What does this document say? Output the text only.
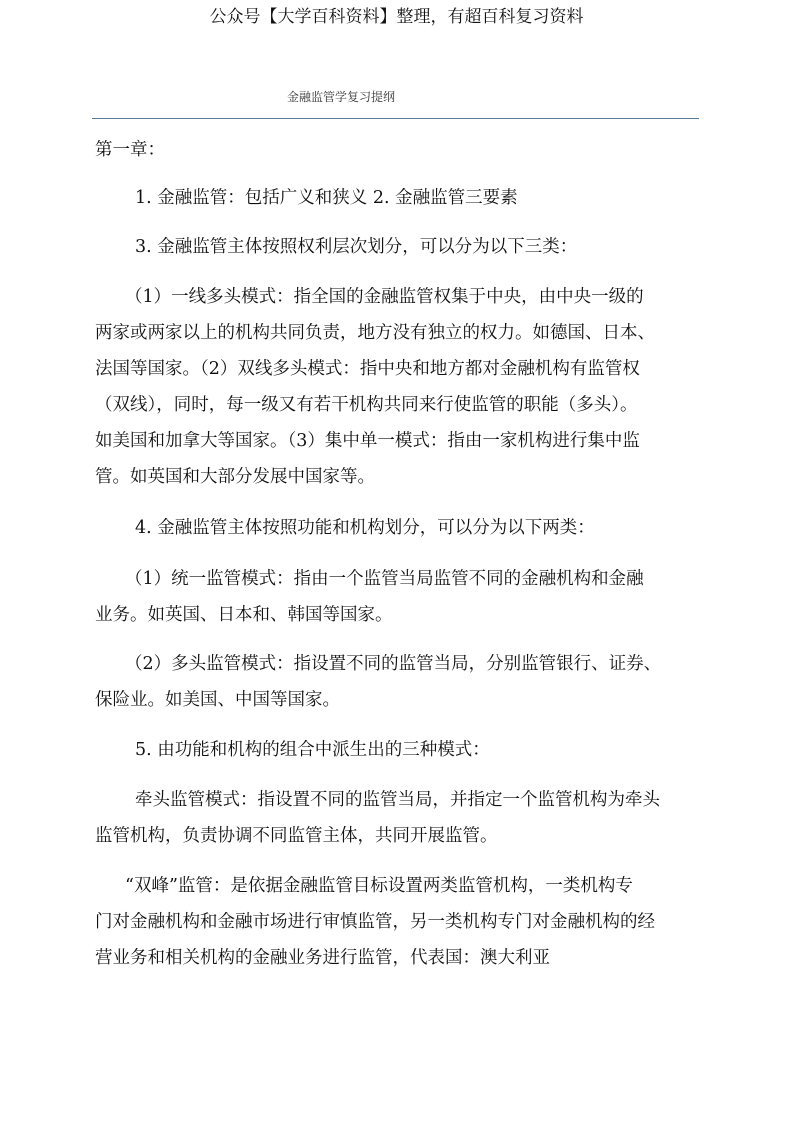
公众号【大学百科资料】整理，有超百科复习资料
金融监管学复习提纲
第一章：
1. 金融监管：包括广义和狭义 2. 金融监管三要素
3. 金融监管主体按照权利层次划分，可以分为以下三类：
（1）一线多头模式：指全国的金融监管权集于中央，由中央一级的
两家或两家以上的机构共同负责，地方没有独立的权力。如德国、日本、
法国等国家。（2）双线多头模式：指中央和地方都对金融机构有监管权
（双线），同时，每一级又有若干机构共同来行使监管的职能（多头）。
如美国和加拿大等国家。（3）集中单一模式：指由一家机构进行集中监
管。如英国和大部分发展中国家等。
4. 金融监管主体按照功能和机构划分，可以分为以下两类：
（1）统一监管模式：指由一个监管当局监管不同的金融机构和金融
业务。如英国、日本和、韩国等国家。
（2）多头监管模式：指设置不同的监管当局，分别监管银行、证券、
保险业。如美国、中国等国家。
5. 由功能和机构的组合中派生出的三种模式：
牵头监管模式：指设置不同的监管当局，并指定一个监管机构为牵头
监管机构，负责协调不同监管主体，共同开展监管。
“双峰”监管：是依据金融监管目标设置两类监管机构，一类机构专
门对金融机构和金融市场进行审慎监管，另一类机构专门对金融机构的经
营业务和相关机构的金融业务进行监管，代表国：澳大利亚
